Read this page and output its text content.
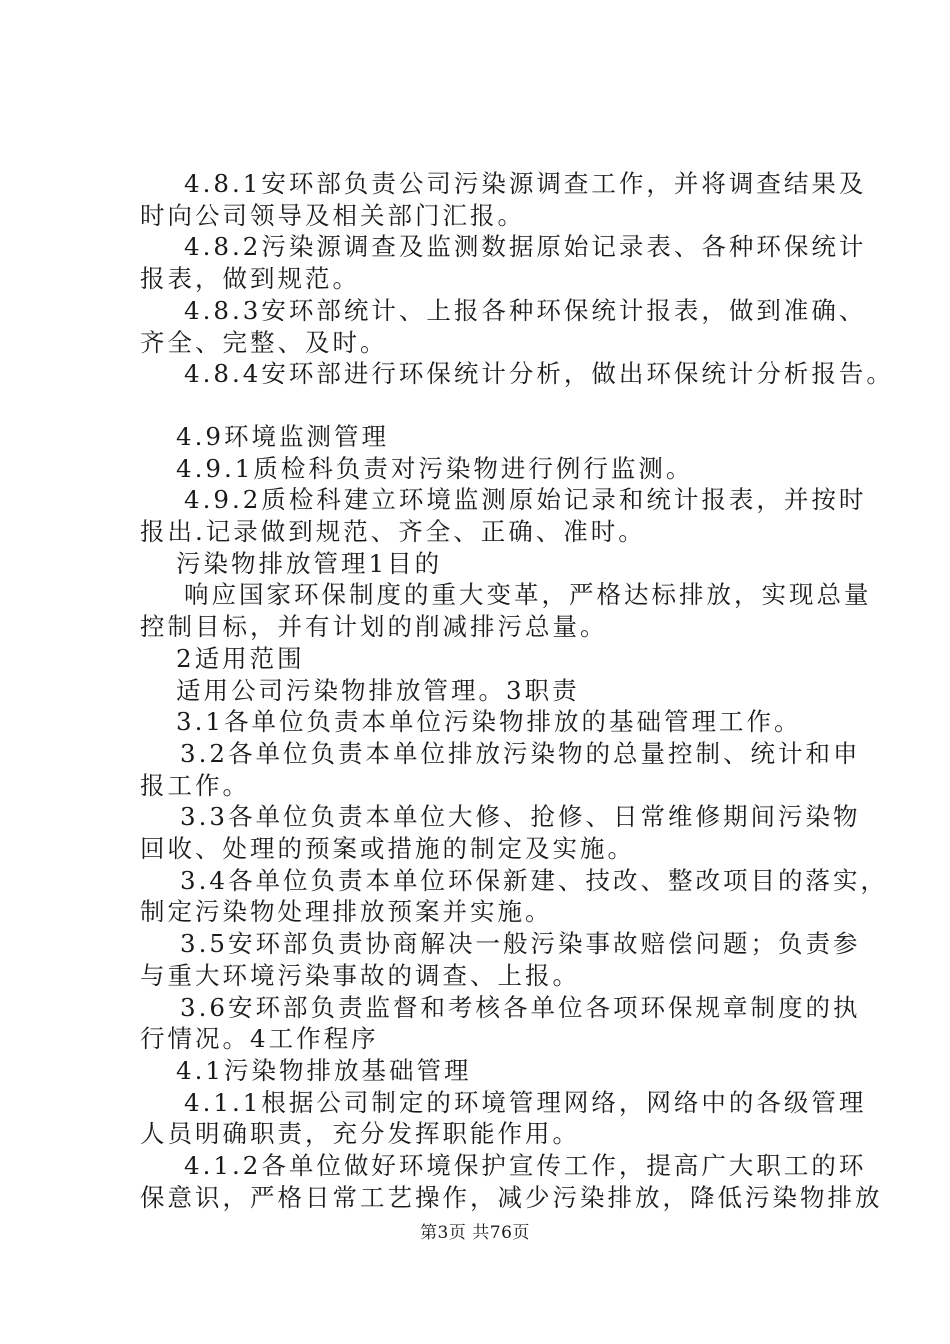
4.8.1安环部负责公司污染源调查工作，并将调查结果及

时向公司领导及相关部门汇报。

4.8.2污染源调查及监测数据原始记录表、各种环保统计

报表，做到规范。

4.8.3安环部统计、上报各种环保统计报表，做到准确、

齐全、完整、及时。

4.8.4安环部进行环保统计分析，做出环保统计分析报告。

4.9环境监测管理

4.9.1质检科负责对污染物进行例行监测。

4.9.2质检科建立环境监测原始记录和统计报表，并按时

报出.记录做到规范、齐全、正确、准时。

污染物排放管理1目的

响应国家环保制度的重大变革，严格达标排放，实现总量

控制目标，并有计划的削减排污总量。

2适用范围

适用公司污染物排放管理。3职责

3.1各单位负责本单位污染物排放的基础管理工作。

3.2各单位负责本单位排放污染物的总量控制、统计和申

报工作。

3.3各单位负责本单位大修、抢修、日常维修期间污染物

回收、处理的预案或措施的制定及实施。

3.4各单位负责本单位环保新建、技改、整改项目的落实，

制定污染物处理排放预案并实施。

3.5安环部负责协商解决一般污染事故赔偿问题；负责参

与重大环境污染事故的调查、上报。

3.6安环部负责监督和考核各单位各项环保规章制度的执

行情况。4工作程序

4.1污染物排放基础管理

4.1.1根据公司制定的环境管理网络，网络中的各级管理

人员明确职责，充分发挥职能作用。

4.1.2各单位做好环境保护宣传工作，提高广大职工的环

保意识，严格日常工艺操作，减少污染排放，降低污染物排放

第3页 共76页
